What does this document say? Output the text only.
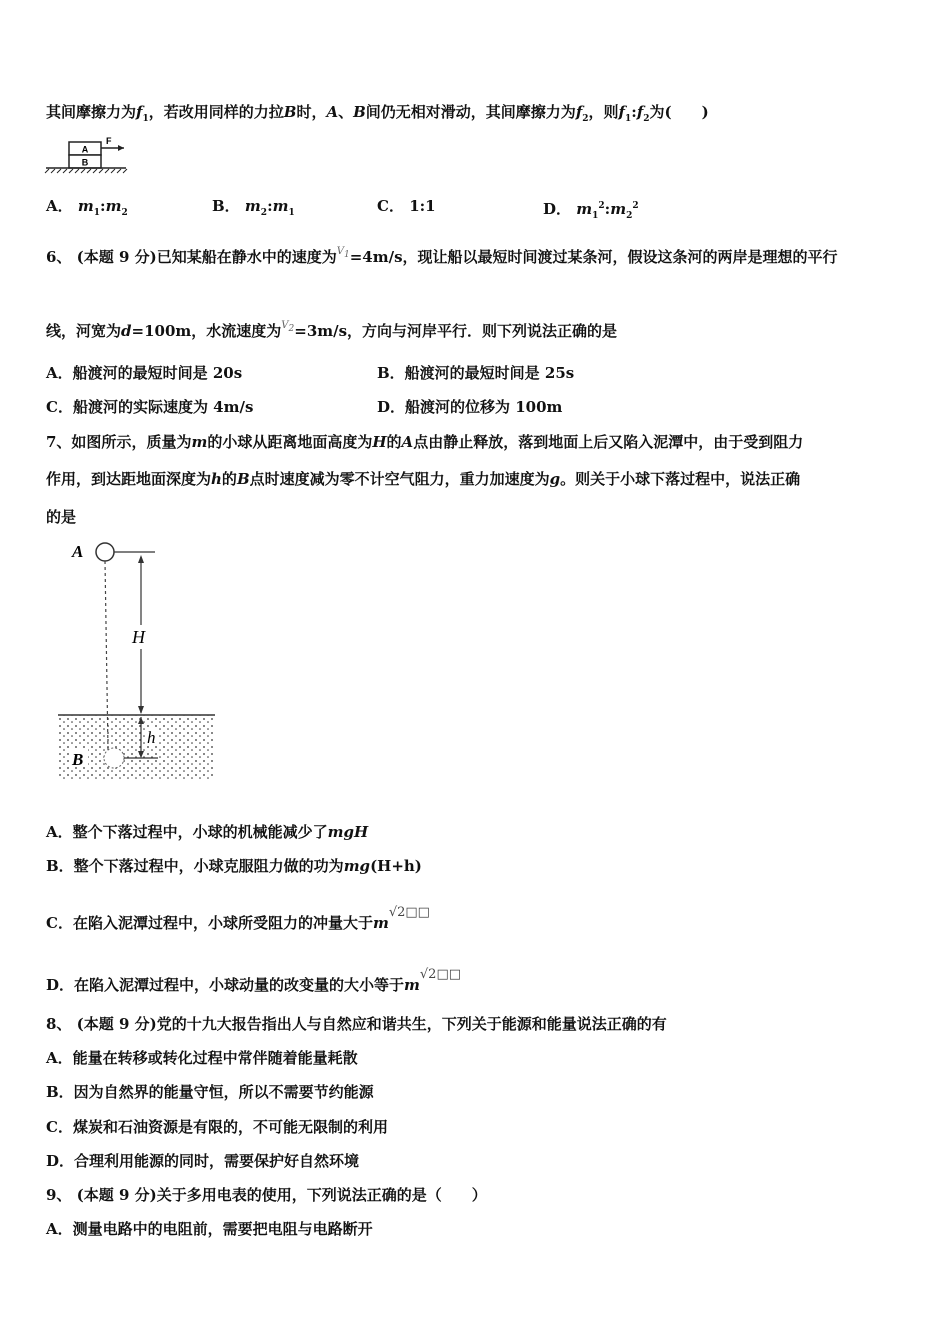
其间摩擦力为$f_1$，若改用同样的力拉B时，A、B间仍无相对滑动，其间摩擦力为$f_2$，则$f_1:f_2$为(　　)
A
B
F
A． $m_1:m_2$	B． $m_2:m_1$	C． 1:1	D． $m_1^2:m_2^2$
6、 (本题 9 分)已知某船在静水中的速度为$^{V_1}$=4m/s，现让船以最短时间渡过某条河，假设这条河的两岸是理想的平行
线，河宽为d=100m，水流速度为$^{V_2}$=3m/s，方向与河岸平行．则下列说法正确的是
A．船渡河的最短时间是 20s	B．船渡河的最短时间是 25s
C．船渡河的实际速度为 4m/s	D．船渡河的位移为 100m
7、如图所示，质量为m的小球从距离地面高度为H的A点由静止释放，落到地面上后又陷入泥潭中，由于受到阻力
作用，到达距地面深度为h的B点时速度减为零不计空气阻力，重力加速度为g。则关于小球下落过程中，说法正确
的是
A
H
h
B
A．整个下落过程中，小球的机械能减少了mgH
B．整个下落过程中，小球克服阻力做的功为mg(H+h)
C．在陷入泥潭过程中，小球所受阻力的冲量大于m√2□□
D．在陷入泥潭过程中，小球动量的改变量的大小等于m√2□□
8、 (本题 9 分)党的十九大报告指出人与自然应和谐共生，下列关于能源和能量说法正确的有
A．能量在转移或转化过程中常伴随着能量耗散
B．因为自然界的能量守恒，所以不需要节约能源
C．煤炭和石油资源是有限的，不可能无限制的利用
D．合理利用能源的同时，需要保护好自然环境
9、 (本题 9 分)关于多用电表的使用，下列说法正确的是（　　）
A．测量电路中的电阻前，需要把电阻与电路断开
